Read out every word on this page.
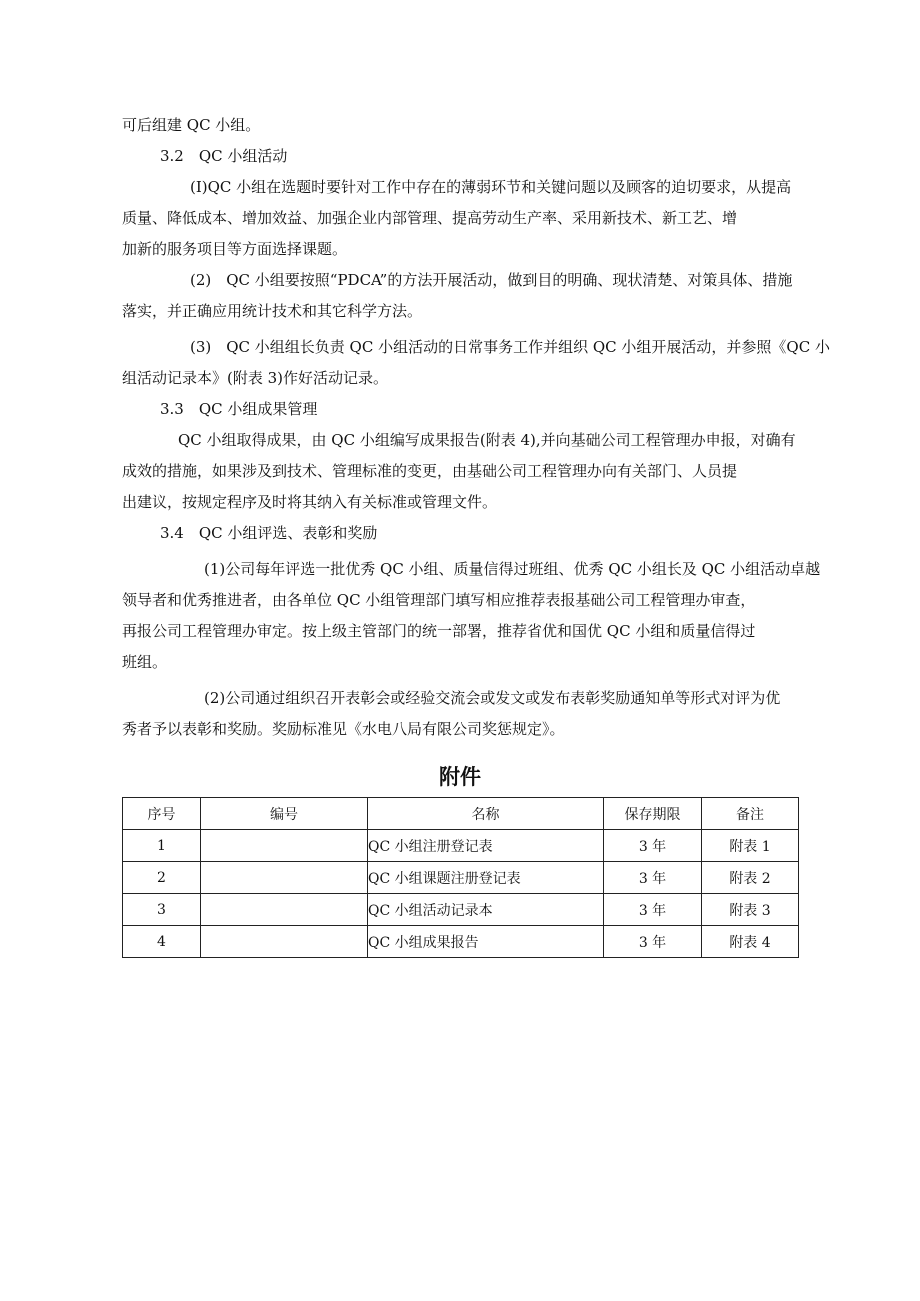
可后组建 QC 小组。
3.2　QC 小组活动
(I)QC 小组在选题时要针对工作中存在的薄弱环节和关键问题以及顾客的迫切要求，从提高
质量、降低成本、增加效益、加强企业内部管理、提高劳动生产率、采用新技术、新工艺、增
加新的服务项目等方面选择课题。
(2)　QC 小组要按照“PDCA”的方法开展活动，做到目的明确、现状清楚、对策具体、措施
落实，并正确应用统计技术和其它科学方法。
(3)　QC 小组组长负责 QC 小组活动的日常事务工作并组织 QC 小组开展活动，并参照《QC 小
组活动记录本》(附表 3)作好活动记录。
3.3　QC 小组成果管理
QC 小组取得成果，由 QC 小组编写成果报告(附表 4),并向基础公司工程管理办申报，对确有
成效的措施，如果涉及到技术、管理标准的变更，由基础公司工程管理办向有关部门、人员提
出建议，按规定程序及时将其纳入有关标准或管理文件。
3.4　QC 小组评选、表彰和奖励
(1)公司每年评选一批优秀 QC 小组、质量信得过班组、优秀 QC 小组长及 QC 小组活动卓越
领导者和优秀推进者，由各单位 QC 小组管理部门填写相应推荐表报基础公司工程管理办审查，
再报公司工程管理办审定。按上级主管部门的统一部署，推荐省优和国优 QC 小组和质量信得过
班组。
(2)公司通过组织召开表彰会或经验交流会或发文或发布表彰奖励通知单等形式对评为优
秀者予以表彰和奖励。奖励标准见《水电八局有限公司奖惩规定》。
附件
序号	编号	名称	保存期限	备注
1		QC 小组注册登记表	3 年	附表 1
2		QC 小组课题注册登记表	3 年	附表 2
3		QC 小组活动记录本	3 年	附表 3
4		QC 小组成果报告	3 年	附表 4
